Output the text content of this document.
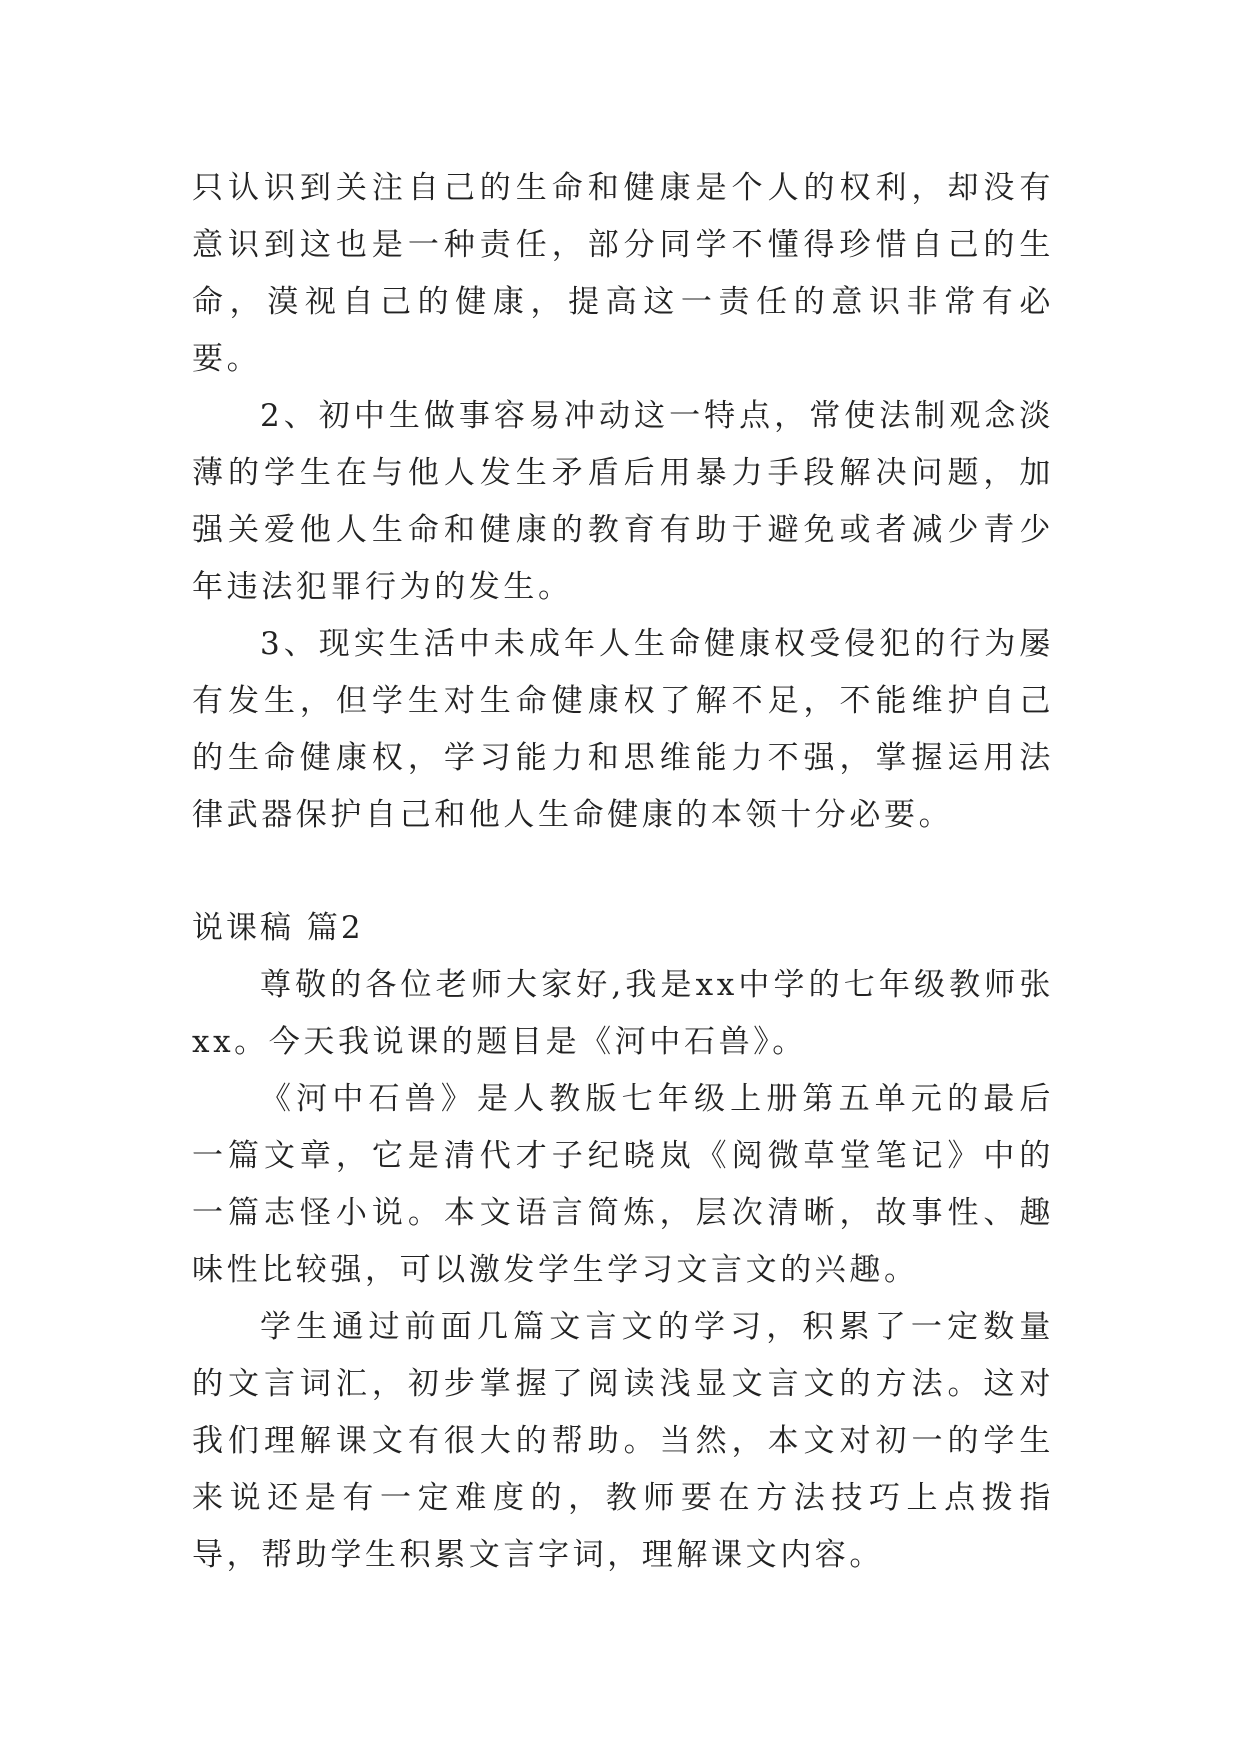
只认识到关注自己的生命和健康是个人的权利，却没有意识到这也是一种责任，部分同学不懂得珍惜自己的生命，漠视自己的健康，提高这一责任的意识非常有必要。

2、初中生做事容易冲动这一特点，常使法制观念淡薄的学生在与他人发生矛盾后用暴力手段解决问题，加强关爱他人生命和健康的教育有助于避免或者减少青少年违法犯罪行为的发生。

3、现实生活中未成年人生命健康权受侵犯的行为屡有发生，但学生对生命健康权了解不足，不能维护自己的生命健康权，学习能力和思维能力不强，掌握运用法律武器保护自己和他人生命健康的本领十分必要。

说课稿 篇2

尊敬的各位老师大家好,我是xx中学的七年级教师张xx。今天我说课的题目是《河中石兽》。

《河中石兽》是人教版七年级上册第五单元的最后一篇文章，它是清代才子纪晓岚《阅微草堂笔记》中的一篇志怪小说。本文语言简炼，层次清晰，故事性、趣味性比较强，可以激发学生学习文言文的兴趣。

学生通过前面几篇文言文的学习，积累了一定数量的文言词汇，初步掌握了阅读浅显文言文的方法。这对我们理解课文有很大的帮助。当然，本文对初一的学生来说还是有一定难度的，教师要在方法技巧上点拨指导，帮助学生积累文言字词，理解课文内容。
